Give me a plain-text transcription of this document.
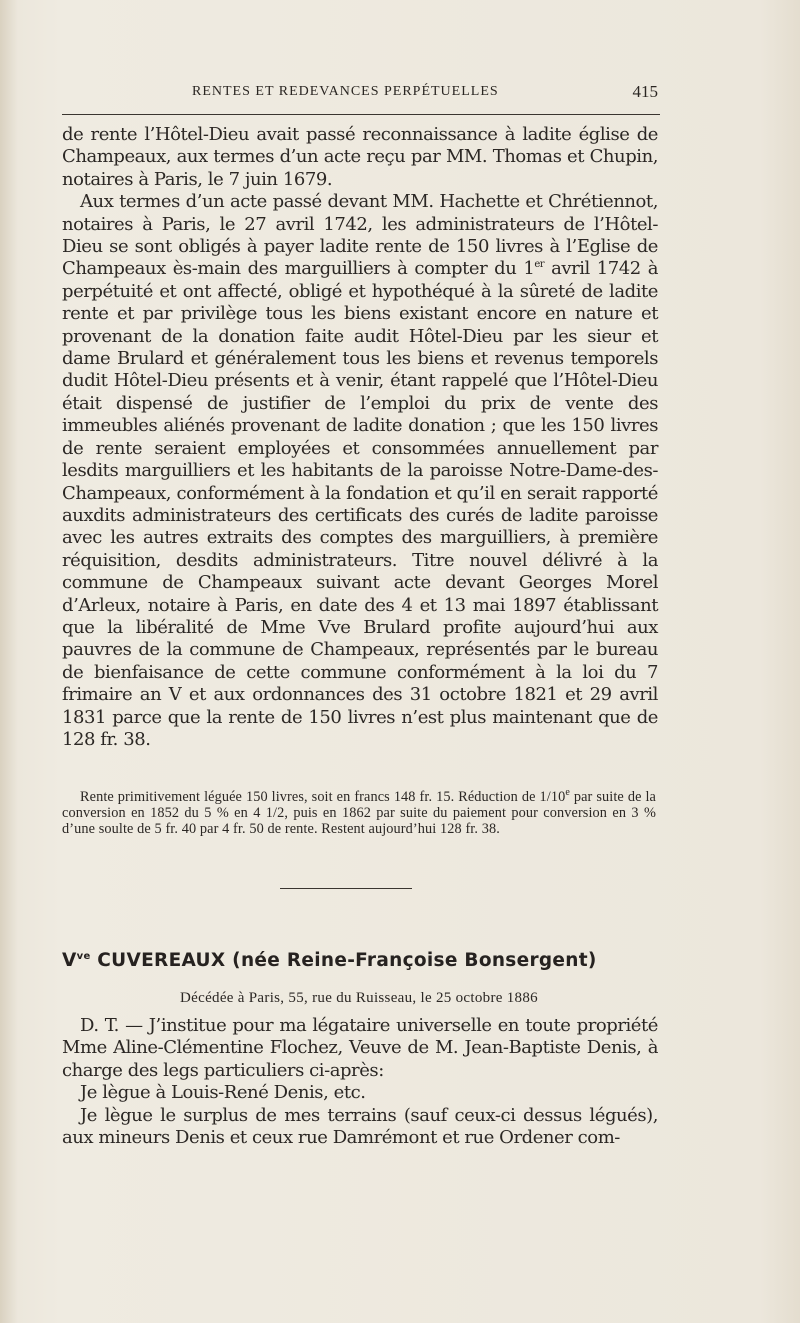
RENTES ET REDEVANCES PERPÉTUELLES	415

de rente l’Hôtel-Dieu avait passé reconnaissance à ladite église de Champeaux, aux termes d’un acte reçu par MM. Thomas et Chupin, notaires à Paris, le 7 juin 1679.

Aux termes d’un acte passé devant MM. Hachette et Chrétiennot, notaires à Paris, le 27 avril 1742, les administrateurs de l’Hôtel-Dieu se sont obligés à payer ladite rente de 150 livres à l’Eglise de Champeaux ès-main des marguilliers à compter du 1er avril 1742 à perpétuité et ont affecté, obligé et hypothéqué à la sûreté de ladite rente et par privilège tous les biens existant encore en nature et provenant de la donation faite audit Hôtel-Dieu par les sieur et dame Brulard et généralement tous les biens et revenus temporels dudit Hôtel-Dieu présents et à venir, étant rappelé que l’Hôtel-Dieu était dispensé de justifier de l’emploi du prix de vente des immeubles aliénés provenant de ladite donation ; que les 150 livres de rente seraient employées et consommées annuellement par lesdits marguilliers et les habitants de la paroisse Notre-Dame-des-Champeaux, conformément à la fondation et qu’il en serait rapporté auxdits administrateurs des certificats des curés de ladite paroisse avec les autres extraits des comptes des marguilliers, à première réquisition, desdits administrateurs. Titre nouvel délivré à la commune de Champeaux suivant acte devant Georges Morel d’Arleux, notaire à Paris, en date des 4 et 13 mai 1897 établissant que la libéralité de Mme Vve Brulard profite aujourd’hui aux pauvres de la commune de Champeaux, représentés par le bureau de bienfaisance de cette commune conformément à la loi du 7 frimaire an V et aux ordonnances des 31 octobre 1821 et 29 avril 1831 parce que la rente de 150 livres n’est plus maintenant que de 128 fr. 38.

Rente primitivement léguée 150 livres, soit en francs 148 fr. 15. Réduction de 1/10e par suite de la conversion en 1852 du 5 % en 4 1/2, puis en 1862 par suite du paiement pour conversion en 3 % d’une soulte de 5 fr. 40 par 4 fr. 50 de rente. Restent aujourd’hui 128 fr. 38.
$V^{ve}$ CUVEREAUX (née Reine-Françoise Bonsergent)
Décédée à Paris, 55, rue du Ruisseau, le 25 octobre 1886

D. T. — J’institue pour ma légataire universelle en toute propriété Mme Aline-Clémentine Flochez, Veuve de M. Jean-Baptiste Denis, à charge des legs particuliers ci-après:

Je lègue à Louis-René Denis, etc.

Je lègue le surplus de mes terrains (sauf ceux-ci dessus légués), aux mineurs Denis et ceux rue Damrémont et rue Ordener com-
